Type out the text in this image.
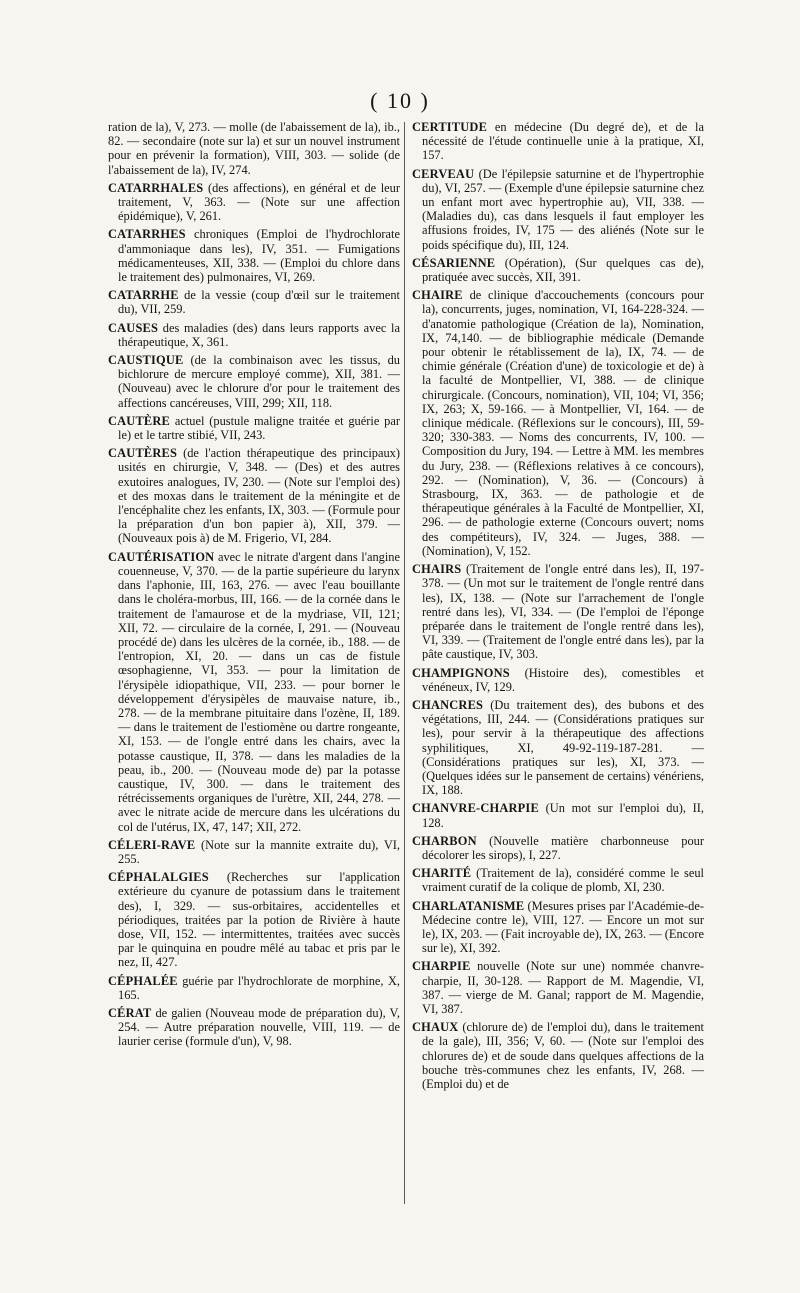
( 10 )

ration de la), V, 273. — molle (de l'abaissement de la), ib., 82. — secondaire (note sur la) et sur un nouvel instrument pour en prévenir la formation), VIII, 303. — solide (de l'abaissement de la), IV, 274.

CATARRHALES (des affections), en général et de leur traitement, V, 363. — (Note sur une affection épidémique), V, 261.

CATARRHES chroniques (Emploi de l'hydrochlorate d'ammoniaque dans les), IV, 351. — Fumigations médicamenteuses, XII, 338. — (Emploi du chlore dans le traitement des) pulmonaires, VI, 269.

CATARRHE de la vessie (coup d'œil sur le traitement du), VII, 259.

CAUSES des maladies (des) dans leurs rapports avec la thérapeutique, X, 361.

CAUSTIQUE (de la combinaison avec les tissus, du bichlorure de mercure employé comme), XII, 381. — (Nouveau) avec le chlorure d'or pour le traitement des affections cancéreuses, VIII, 299; XII, 118.

CAUTÈRE actuel (pustule maligne traitée et guérie par le) et le tartre stibié, VII, 243.

CAUTÈRES (de l'action thérapeutique des principaux) usités en chirurgie, V, 348. — (Des) et des autres exutoires analogues, IV, 230. — (Note sur l'emploi des) et des moxas dans le traitement de la méningite et de l'encéphalite chez les enfants, IX, 303. — (Formule pour la préparation d'un bon papier à), XII, 379. — (Nouveaux pois à) de M. Frigerio, VI, 284.

CAUTÉRISATION avec le nitrate d'argent dans l'angine couenneuse, V, 370. — de la partie supérieure du larynx dans l'aphonie, III, 163, 276. — avec l'eau bouillante dans le choléra-morbus, III, 166. — de la cornée dans le traitement de l'amaurose et de la mydriase, VII, 121; XII, 72. — circulaire de la cornée, I, 291. — (Nouveau procédé de) dans les ulcères de la cornée, ib., 188. — de l'entropion, XI, 20. — dans un cas de fistule œsophagienne, VI, 353. — pour la limitation de l'érysipèle idiopathique, VII, 233. — pour borner le développement d'érysipèles de mauvaise nature, ib., 278. — de la membrane pituitaire dans l'ozène, II, 189. — dans le traitement de l'estiomène ou dartre rongeante, XI, 153. — de l'ongle entré dans les chairs, avec la potasse caustique, II, 378. — dans les maladies de la peau, ib., 200. — (Nouveau mode de) par la potasse caustique, IV, 300. — dans le traitement des rétrécissements organiques de l'urètre, XII, 244, 278. — avec le nitrate acide de mercure dans les ulcérations du col de l'utérus, IX, 47, 147; XII, 272.

CÉLERI-RAVE (Note sur la mannite extraite du), VI, 255.

CÉPHALALGIES (Recherches sur l'application extérieure du cyanure de potassium dans le traitement des), I, 329. — sus-orbitaires, accidentelles et périodiques, traitées par la potion de Rivière à haute dose, VII, 152. — intermittentes, traitées avec succès par le quinquina en poudre mêlé au tabac et pris par le nez, II, 427.

CÉPHALÉE guérie par l'hydrochlorate de morphine, X, 165.

CÉRAT de galien (Nouveau mode de préparation du), V, 254. — Autre préparation nouvelle, VIII, 119. — de laurier cerise (formule d'un), V, 98.

CERTITUDE en médecine (Du degré de), et de la nécessité de l'étude continuelle unie à la pratique, XI, 157.

CERVEAU (De l'épilepsie saturnine et de l'hypertrophie du), VI, 257. — (Exemple d'une épilepsie saturnine chez un enfant mort avec hypertrophie au), VII, 338. — (Maladies du), cas dans lesquels il faut employer les affusions froides, IV, 175 — des aliénés (Note sur le poids spécifique du), III, 124.

CÉSARIENNE (Opération), (Sur quelques cas de), pratiquée avec succès, XII, 391.

CHAIRE de clinique d'accouchements (concours pour la), concurrents, juges, nomination, VI, 164-228-324. — d'anatomie pathologique (Création de la), Nomination, IX, 74,140. — de bibliographie médicale (Demande pour obtenir le rétablissement de la), IX, 74. — de chimie générale (Création d'une) de toxicologie et de) à la faculté de Montpellier, VI, 388. — de clinique chirurgicale. (Concours, nomination), VII, 104; VI, 356; IX, 263; X, 59-166. — à Montpellier, VI, 164. — de clinique médicale. (Réflexions sur le concours), III, 59-320; 330-383. — Noms des concurrents, IV, 100. — Composition du Jury, 194. — Lettre à MM. les membres du Jury, 238. — (Réflexions relatives à ce concours), 292. — (Nomination), V, 36. — (Concours) à Strasbourg, IX, 363. — de pathologie et de thérapeutique générales à la Faculté de Montpellier, XI, 296. — de pathologie externe (Concours ouvert; noms des compétiteurs), IV, 324. — Juges, 388. — (Nomination), V, 152.

CHAIRS (Traitement de l'ongle entré dans les), II, 197-378. — (Un mot sur le traitement de l'ongle rentré dans les), IX, 138. — (Note sur l'arrachement de l'ongle rentré dans les), VI, 334. — (De l'emploi de l'éponge préparée dans le traitement de l'ongle rentré dans les), VI, 339. — (Traitement de l'ongle entré dans les), par la pâte caustique, IV, 303.

CHAMPIGNONS (Histoire des), comestibles et vénéneux, IV, 129.

CHANCRES (Du traitement des), des bubons et des végétations, III, 244. — (Considérations pratiques sur les), pour servir à la thérapeutique des affections syphilitiques, XI, 49-92-119-187-281. — (Considérations pratiques sur les), XI, 373. — (Quelques idées sur le pansement de certains) vénériens, IX, 188.

CHANVRE-CHARPIE (Un mot sur l'emploi du), II, 128.

CHARBON (Nouvelle matière charbonneuse pour décolorer les sirops), I, 227.

CHARITÉ (Traitement de la), considéré comme le seul vraiment curatif de la colique de plomb, XI, 230.

CHARLATANISME (Mesures prises par l'Académie-de-Médecine contre le), VIII, 127. — Encore un mot sur le), IX, 203. — (Fait incroyable de), IX, 263. — (Encore sur le), XI, 392.

CHARPIE nouvelle (Note sur une) nommée chanvre-charpie, II, 30-128. — Rapport de M. Magendie, VI, 387. — vierge de M. Ganal; rapport de M. Magendie, VI, 387.

CHAUX (chlorure de) de l'emploi du), dans le traitement de la gale), III, 356; V, 60. — (Note sur l'emploi des chlorures de) et de soude dans quelques affections de la bouche très-communes chez les enfants, IV, 268. — (Emploi du) et de
